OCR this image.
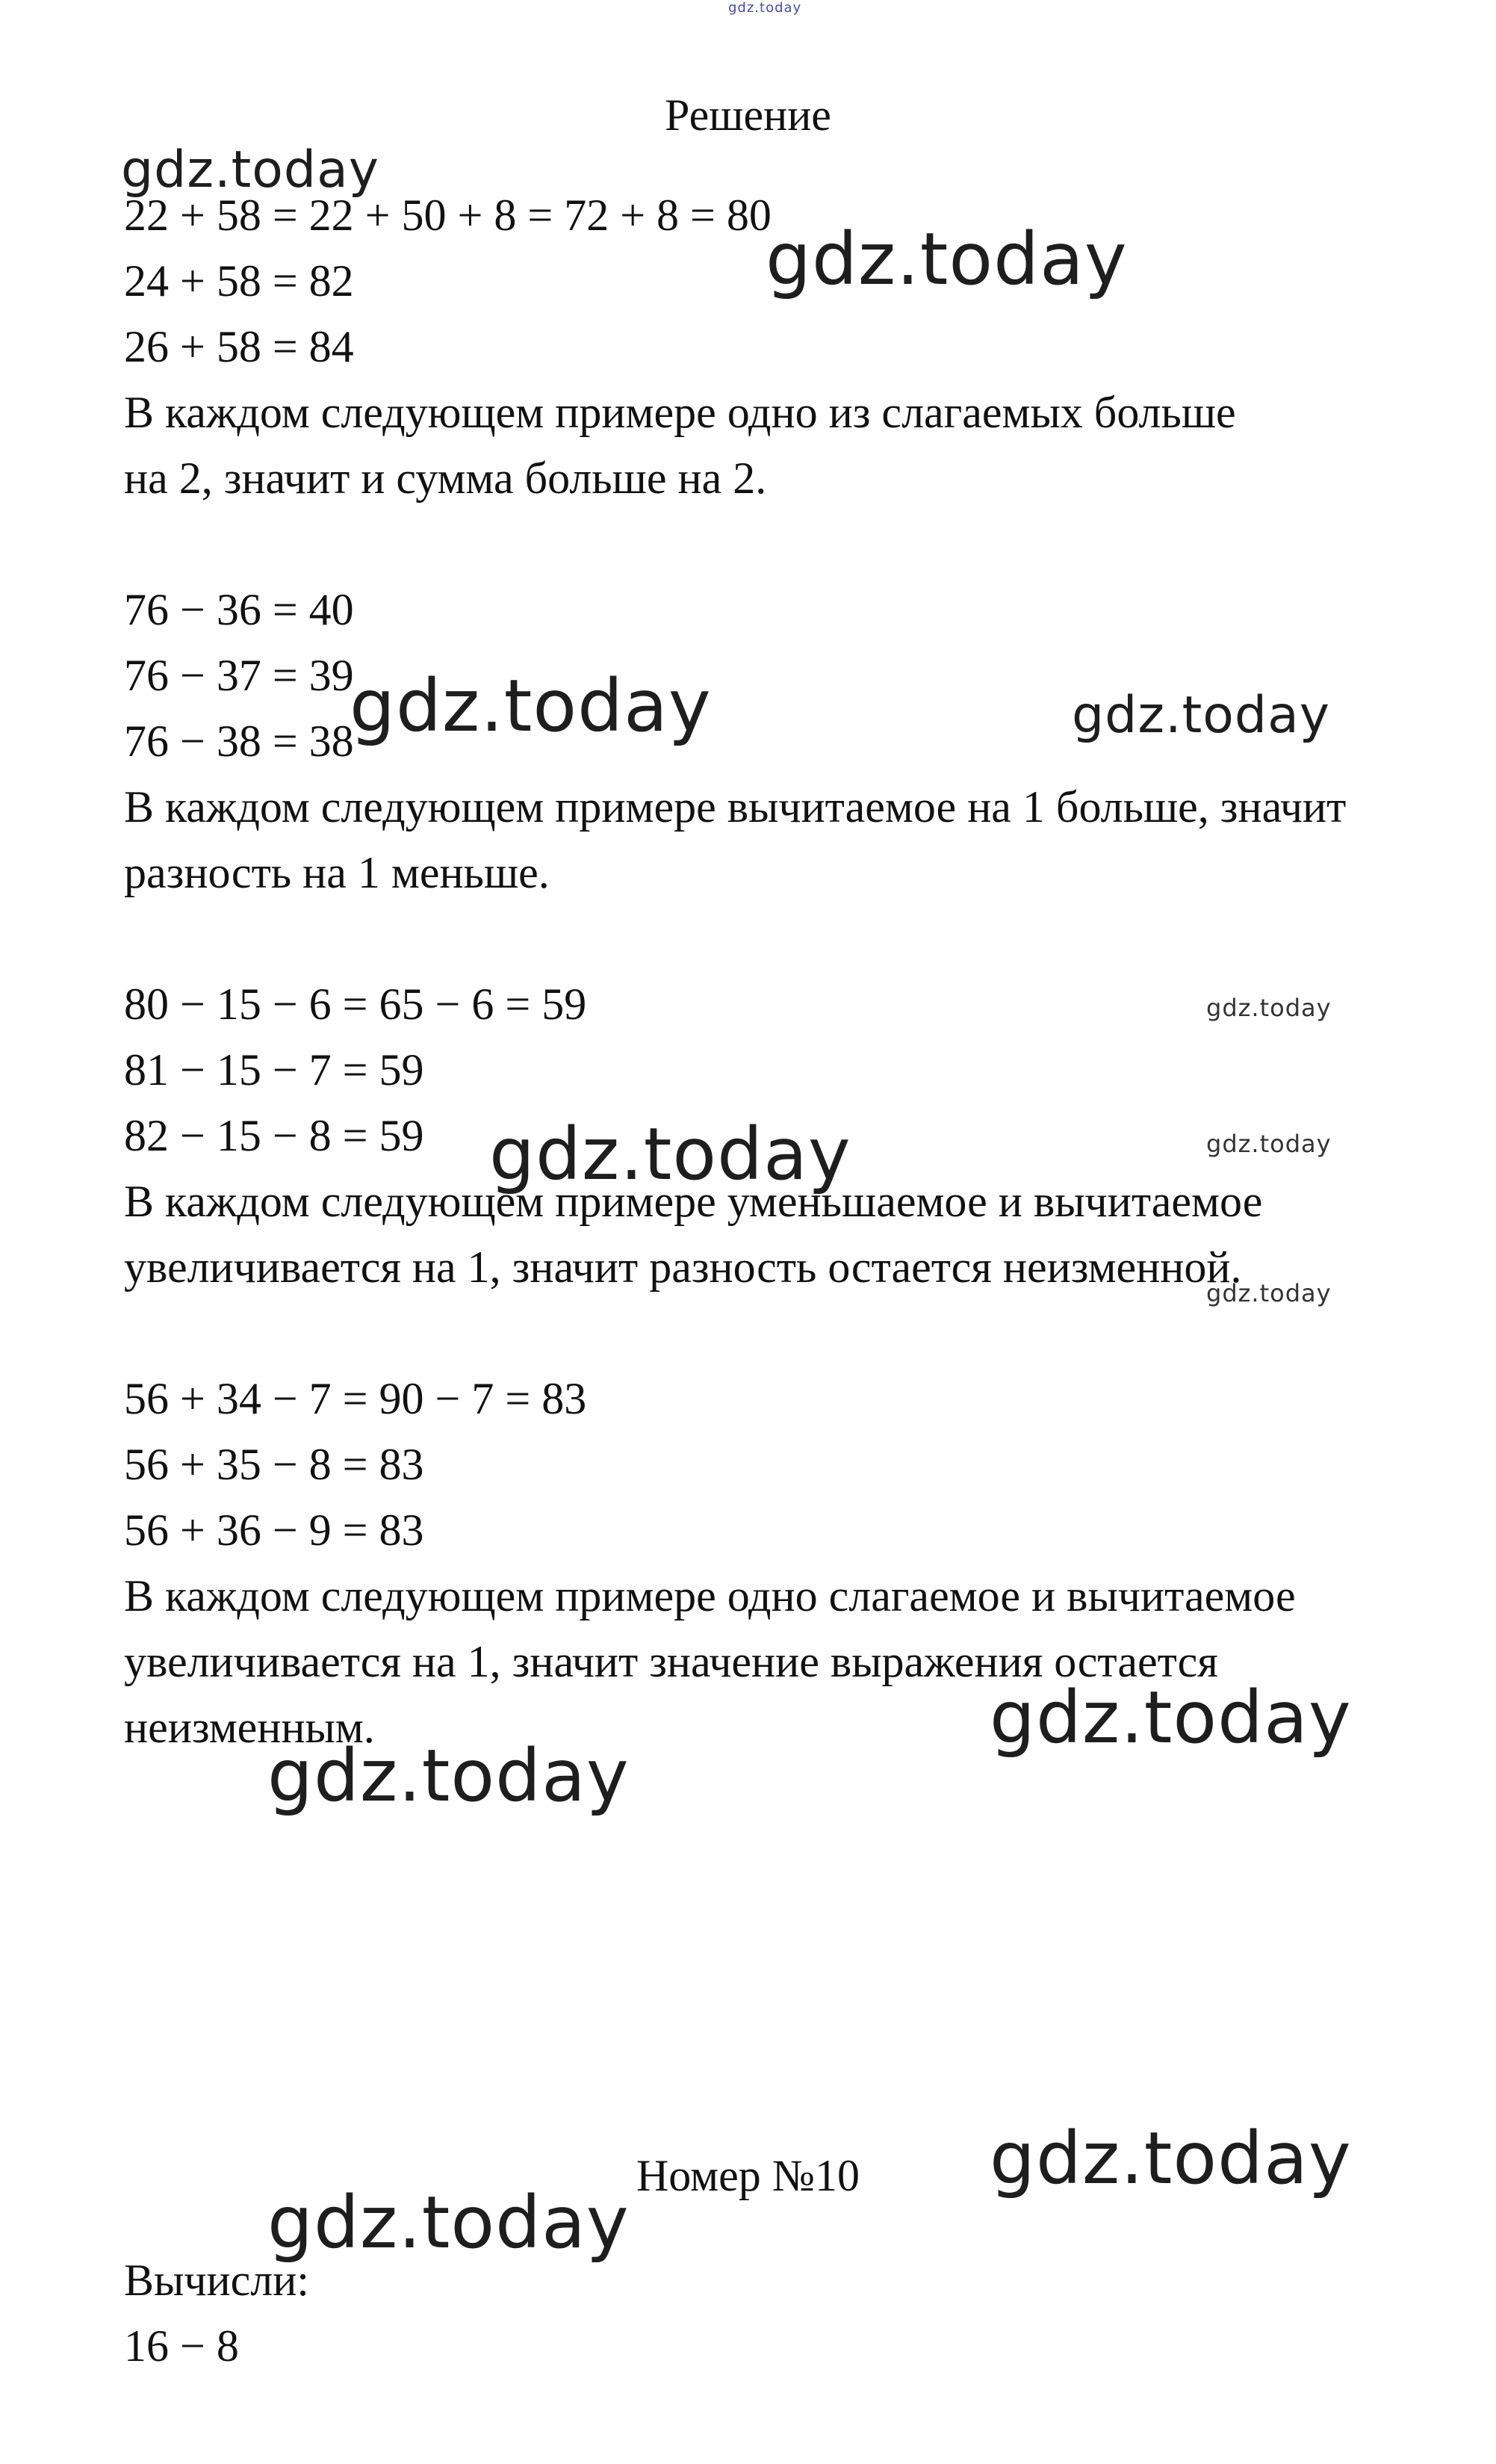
gdz.today
Решение
22 + 58 = 22 + 50 + 8 = 72 + 8 = 80
24 + 58 = 82
26 + 58 = 84
В каждом следующем примере одно из слагаемых больше
на 2, значит и сумма больше на 2.
76 − 36 = 40
76 − 37 = 39
76 − 38 = 38
В каждом следующем примере вычитаемое на 1 больше, значит
разность на 1 меньше.
80 − 15 − 6 = 65 − 6 = 59
81 − 15 − 7 = 59
82 − 15 − 8 = 59
В каждом следующем примере уменьшаемое и вычитаемое
увеличивается на 1, значит разность остается неизменной.
56 + 34 − 7 = 90 − 7 = 83
56 + 35 − 8 = 83
56 + 36 − 9 = 83
В каждом следующем примере одно слагаемое и вычитаемое
увеличивается на 1, значит значение выражения остается
неизменным.
Номер №10
Вычисли:
16 − 8
gdz.today
gdz.today
gdz.today	gdz.today
gdz.today
gdz.today	gdz.today
gdz.today
gdz.today
gdz.today
gdz.today
gdz.today
